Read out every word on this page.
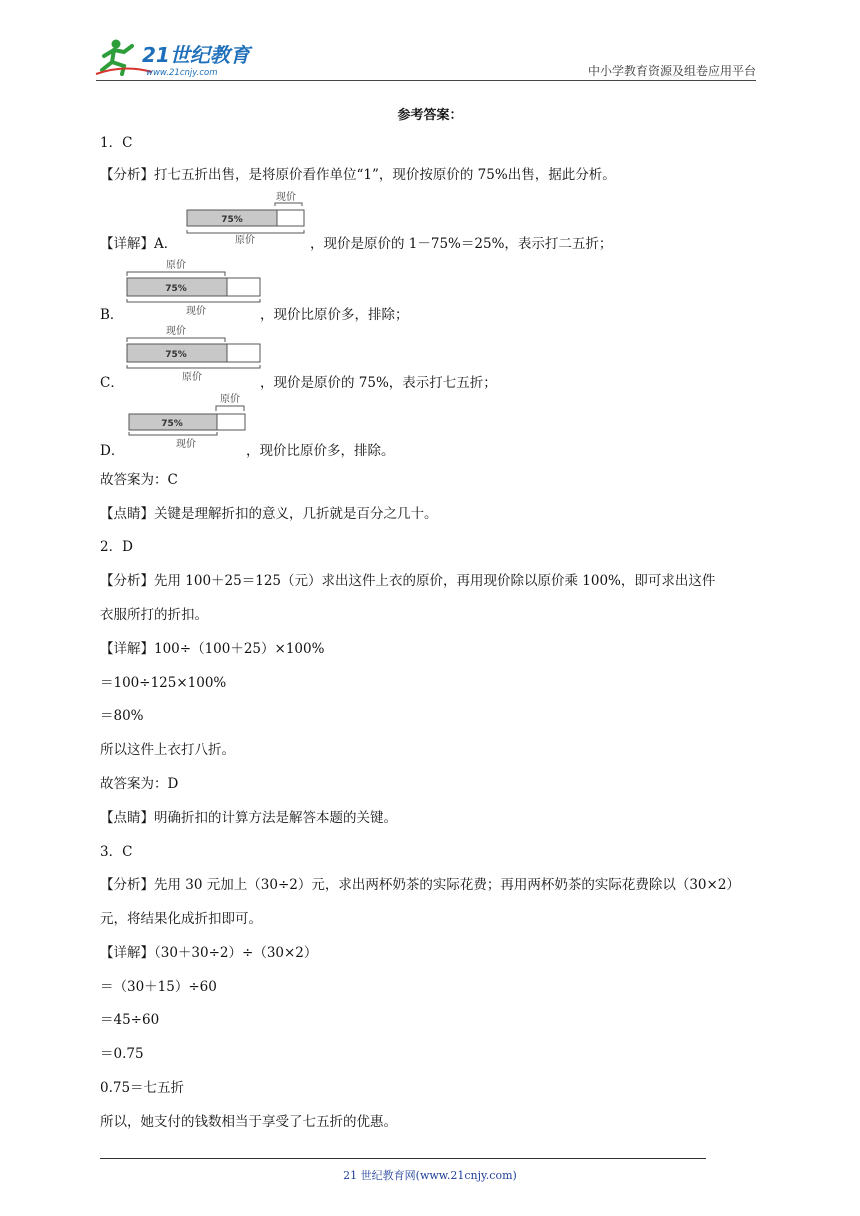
21世纪教育
www.21cnjy.com	中小学教育资源及组卷应用平台
参考答案：
1．C
【分析】打七五折出售，是将原价看作单位“1”，现价按原价的 75%出售，据此分析。
现价
75%
原价
【详解】A．	，现价是原价的 1－75%＝25%，表示打二五折；
原价
75%
现价
B．	，现价比原价多，排除；
现价
75%
原价
C．	，现价是原价的 75%，表示打七五折；
原价
75%
现价
D．	，现价比原价多，排除。
故答案为：C
【点睛】关键是理解折扣的意义，几折就是百分之几十。
2．D
【分析】先用 100＋25＝125（元）求出这件上衣的原价，再用现价除以原价乘 100%，即可求出这件
衣服所打的折扣。
【详解】100÷（100＋25）×100%
＝100÷125×100%
＝80%
所以这件上衣打八折。
故答案为：D
【点睛】明确折扣的计算方法是解答本题的关键。
3．C
【分析】先用 30 元加上（30÷2）元，求出两杯奶茶的实际花费；再用两杯奶茶的实际花费除以（30×2）
元，将结果化成折扣即可。
【详解】（30＋30÷2）÷（30×2）
＝（30＋15）÷60
＝45÷60
＝0.75
0.75＝七五折
所以，她支付的钱数相当于享受了七五折的优惠。
21 世纪教育网(www.21cnjy.com)
